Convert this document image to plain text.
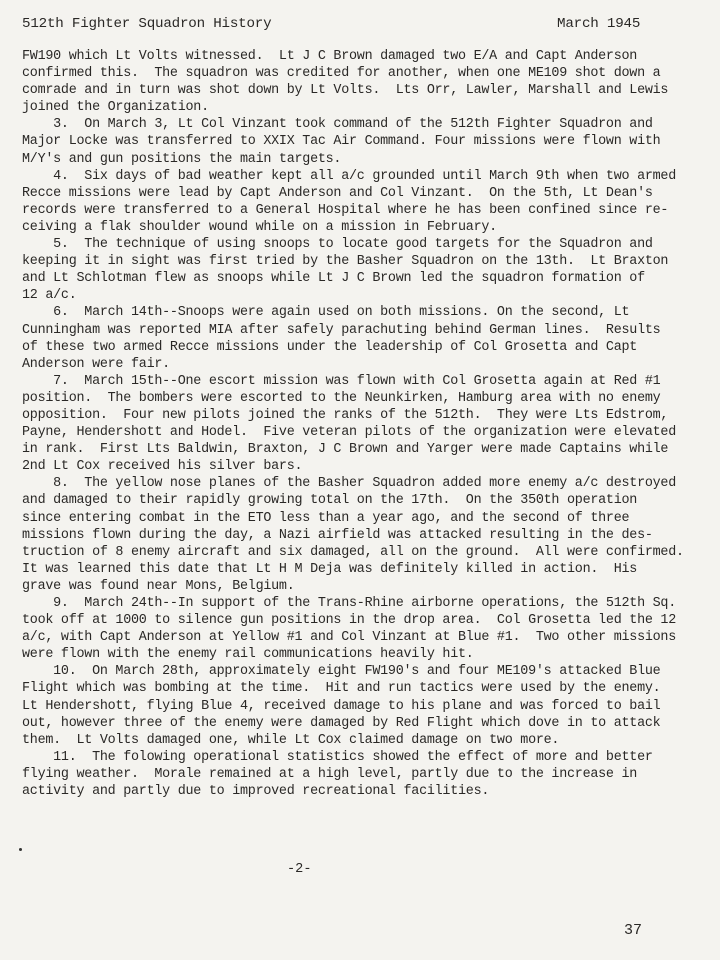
512th Fighter Squadron History	March 1945
FW190 which Lt Volts witnessed.  Lt J C Brown damaged two E/A and Capt Anderson
confirmed this.  The squadron was credited for another, when one ME109 shot down a
comrade and in turn was shot down by Lt Volts.  Lts Orr, Lawler, Marshall and Lewis
joined the Organization.
3.  On March 3, Lt Col Vinzant took command of the 512th Fighter Squadron and
Major Locke was transferred to XXIX Tac Air Command. Four missions were flown with
M/Y's and gun positions the main targets.
4.  Six days of bad weather kept all a/c grounded until March 9th when two armed
Recce missions were lead by Capt Anderson and Col Vinzant.  On the 5th, Lt Dean's
records were transferred to a General Hospital where he has been confined since re-
ceiving a flak shoulder wound while on a mission in February.
5.  The technique of using snoops to locate good targets for the Squadron and
keeping it in sight was first tried by the Basher Squadron on the 13th.  Lt Braxton
and Lt Schlotman flew as snoops while Lt J C Brown led the squadron formation of
12 a/c.
6.  March 14th--Snoops were again used on both missions. On the second, Lt
Cunningham was reported MIA after safely parachuting behind German lines.  Results
of these two armed Recce missions under the leadership of Col Grosetta and Capt
Anderson were fair.
7.  March 15th--One escort mission was flown with Col Grosetta again at Red #1
position.  The bombers were escorted to the Neunkirken, Hamburg area with no enemy
opposition.  Four new pilots joined the ranks of the 512th.  They were Lts Edstrom,
Payne, Hendershott and Hodel.  Five veteran pilots of the organization were elevated
in rank.  First Lts Baldwin, Braxton, J C Brown and Yarger were made Captains while
2nd Lt Cox received his silver bars.
8.  The yellow nose planes of the Basher Squadron added more enemy a/c destroyed
and damaged to their rapidly growing total on the 17th.  On the 350th operation
since entering combat in the ETO less than a year ago, and the second of three
missions flown during the day, a Nazi airfield was attacked resulting in the des-
truction of 8 enemy aircraft and six damaged, all on the ground.  All were confirmed.
It was learned this date that Lt H M Deja was definitely killed in action.  His
grave was found near Mons, Belgium.
9.  March 24th--In support of the Trans-Rhine airborne operations, the 512th Sq.
took off at 1000 to silence gun positions in the drop area.  Col Grosetta led the 12
a/c, with Capt Anderson at Yellow #1 and Col Vinzant at Blue #1.  Two other missions
were flown with the enemy rail communications heavily hit.
10.  On March 28th, approximately eight FW190's and four ME109's attacked Blue
Flight which was bombing at the time.  Hit and run tactics were used by the enemy.
Lt Hendershott, flying Blue 4, received damage to his plane and was forced to bail
out, however three of the enemy were damaged by Red Flight which dove in to attack
them.  Lt Volts damaged one, while Lt Cox claimed damage on two more.
11.  The folowing operational statistics showed the effect of more and better
flying weather.  Morale remained at a high level, partly due to the increase in
activity and partly due to improved recreational facilities.
-2-
37
